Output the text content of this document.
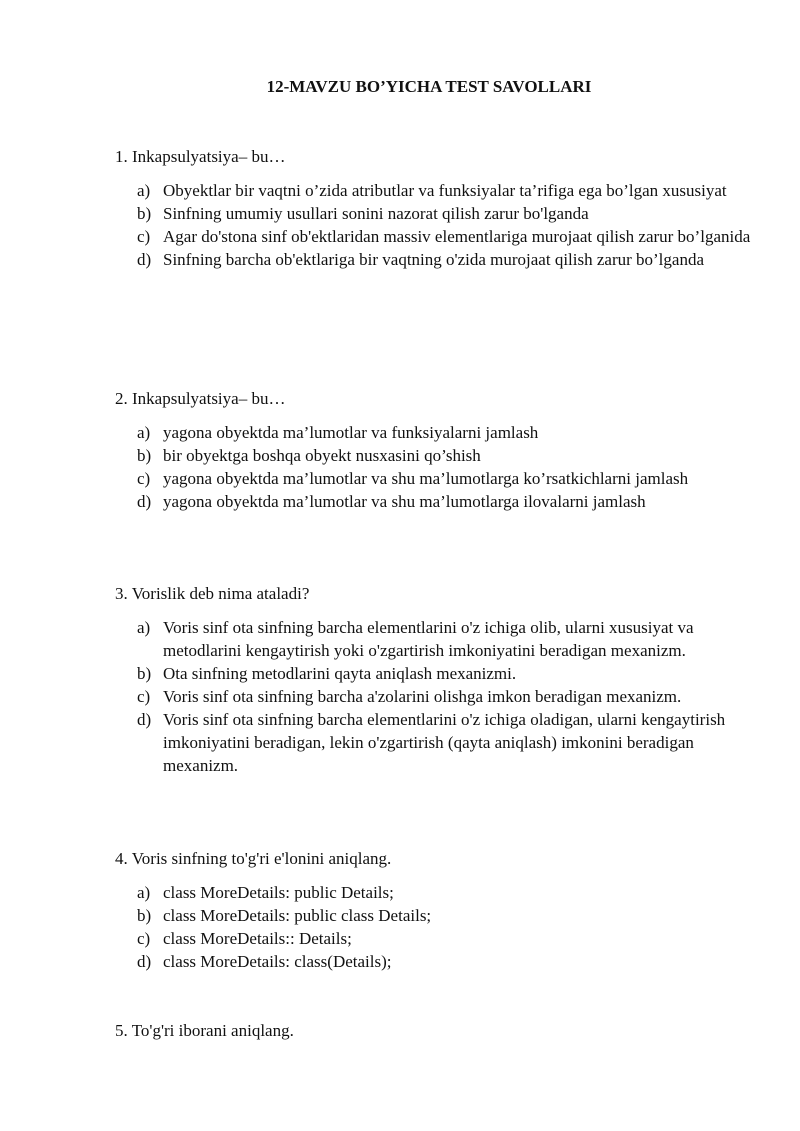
12-MAVZU BO’YICHA TEST SAVOLLARI
1. Inkapsulyatsiya– bu…
a) Obyektlar bir vaqtni o’zida atributlar va funksiyalar ta’rifiga ega bo’lgan xususiyat
b) Sinfning umumiy usullari sonini nazorat qilish zarur bo'lganda
c) Agar do'stona sinf ob'ektlaridan massiv elementlariga murojaat qilish zarur bo’lganida
d) Sinfning barcha ob'ektlariga bir vaqtning o'zida murojaat qilish zarur bo’lganda
2. Inkapsulyatsiya– bu…
a) yagona obyektda ma’lumotlar va funksiyalarni jamlash
b) bir obyektga boshqa obyekt nusxasini qo’shish
c) yagona obyektda ma’lumotlar va shu ma’lumotlarga ko’rsatkichlarni jamlash
d) yagona obyektda ma’lumotlar va shu ma’lumotlarga ilovalarni jamlash
3. Vorislik deb nima ataladi?
a) Voris sinf ota sinfning barcha elementlarini o'z ichiga olib, ularni xususiyat va metodlarini kengaytirish yoki o'zgartirish imkoniyatini beradigan mexanizm.
b) Ota sinfning metodlarini qayta aniqlash mexanizmi.
c) Voris sinf ota sinfning barcha a'zolarini olishga imkon beradigan mexanizm.
d) Voris sinf ota sinfning barcha elementlarini o'z ichiga oladigan, ularni kengaytirish imkoniyatini beradigan, lekin o'zgartirish (qayta aniqlash) imkonini beradigan mexanizm.
4. Voris sinfning to'g'ri e'lonini aniqlang.
a) class MoreDetails: public Details;
b) class MoreDetails: public class Details;
c) class MoreDetails:: Details;
d) class MoreDetails: class(Details);
5. To'g'ri iborani aniqlang.
